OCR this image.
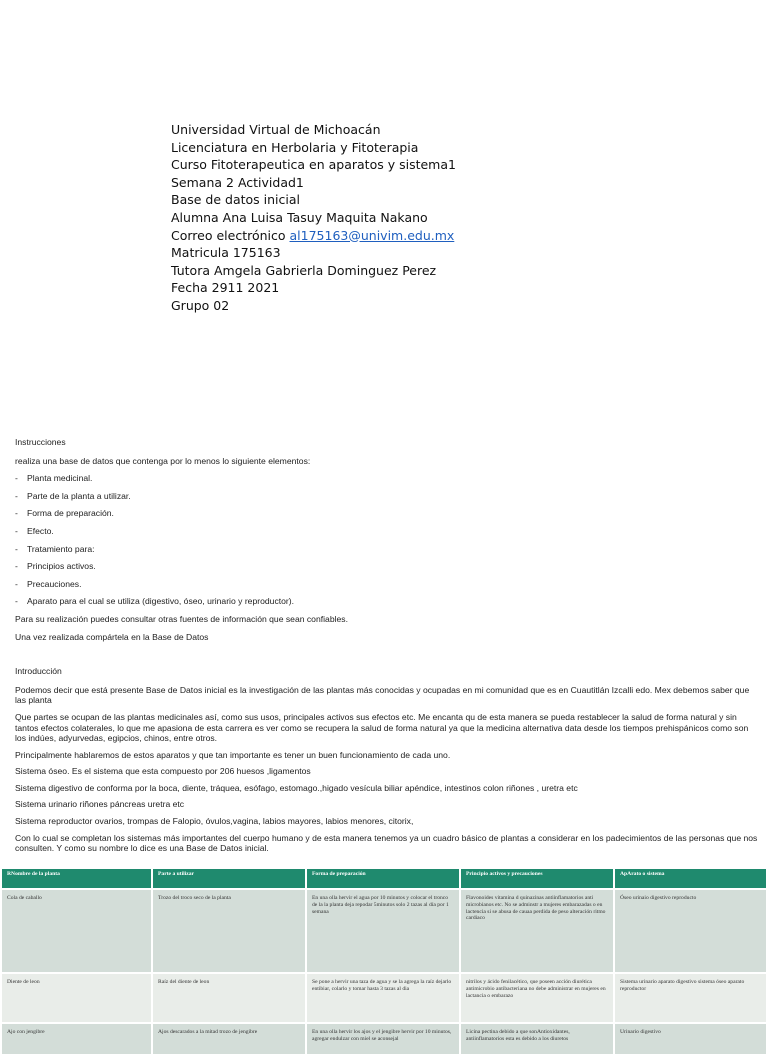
Universidad Virtual de Michoacán
Licenciatura en Herbolaria y Fitoterapia
Curso Fitoterapeutica en aparatos y sistema1
Semana 2 Actividad1
Base de datos inicial
Alumna Ana Luisa Tasuy Maquita Nakano
Correo electrónico al175163@univim.edu.mx
Matricula 175163
Tutora Amgela Gabrierla Dominguez Perez
Fecha 2911 2021
Grupo 02

Instrucciones

realiza una base de datos que contenga por lo menos lo siguiente elementos:

- Planta medicinal.
- Parte de la planta a utilizar.
- Forma de preparación.
- Efecto.
- Tratamiento para:
- Principios activos.
- Precauciones.
- Aparato para el cual se utiliza (digestivo, óseo, urinario y reproductor).

Para su realización puedes consultar otras fuentes de información que sean confiables.

Una vez realizada compártela en la Base de Datos

Introducción

Podemos decir que está presente Base de Datos inicial es la investigación de las plantas más conocidas y ocupadas en mi comunidad que es en Cuautitlán Izcalli edo. Mex debemos saber que las planta

Que partes se ocupan de las plantas medicinales así, como sus usos, principales activos sus efectos etc. Me encanta qu de esta manera se pueda restablecer la salud de forma natural y sin tantos efectos colaterales, lo que me apasiona de esta carrera es ver como se recupera la salud de forma natural ya que la medicina alternativa data desde los tiempos prehispánicos como son los indúes, adyurvedas, egipcios, chinos, entre otros.

Principalmente hablaremos de estos aparatos y que tan importante es tener un buen funcionamiento de cada uno.

Sistema óseo. Es el sistema que esta compuesto por 206 huesos ,ligamentos

Sistema digestivo de conforma por la boca, diente, tráquea, esófago, estomago.,higado vesícula biliar apéndice, intestinos colon riñones , uretra etc

Sistema urinario riñones páncreas uretra etc

Sistema reproductor ovarios, trompas de Falopio, óvulos,vagina, labios mayores, labios menores, citorix,

Con lo cual se completan los sistemas más importantes del cuerpo humano y de esta manera tenemos ya un cuadro básico de plantas a considerar en los padecimientos de las personas que nos consulten. Y como su nombre lo dice es una Base de Datos inicial.

RNombre de la planta	Parte a utilizar	Forma de preparación	Principio activos y precauciones	ApArato o sistema
Cola de caballo	Trozo del troco seco de la planta	En una olla hervir el agua por 10 minutos y colocar el tronco de la la planta deja repodar 5minutos solo 2 tazas al día por 1 semana	Flavonoides vitamina d quinazinas antiinflamatorios anti microbianos etc. No se adminstr a mujeres embarazadas o en lactencia si se abusa de cauaa perdida de peso alteración ritmo cardiaco	Óseo urinaio digestivo reproducto
Diente de leon	Raíz del diente de leon	Se pone a hervir una taza de agua y se la agrega la raíz dejarlo entibiar, colarlo y tomar hasta 3 tazas al dia	nitrilos y ácido fenilacético, que poseen acción diurética antimicrobio antibacteriana no debe administrar en mujeres en lactancia o embarazo	Sistema urinario aparato digestivo sistema óseo aparato reproductor
Ajo con jengibre	Ajos descarados a la mitad trozo de jengibre	En una olla hervir los ajos y el jengibre hervir por 10 minutos, agregar endulzar con miel se aconsejal	Licina pectina debido a que sonAntioxidantes, antiinflamatorios esta es debido a los diuretos	Urinario digestivo
